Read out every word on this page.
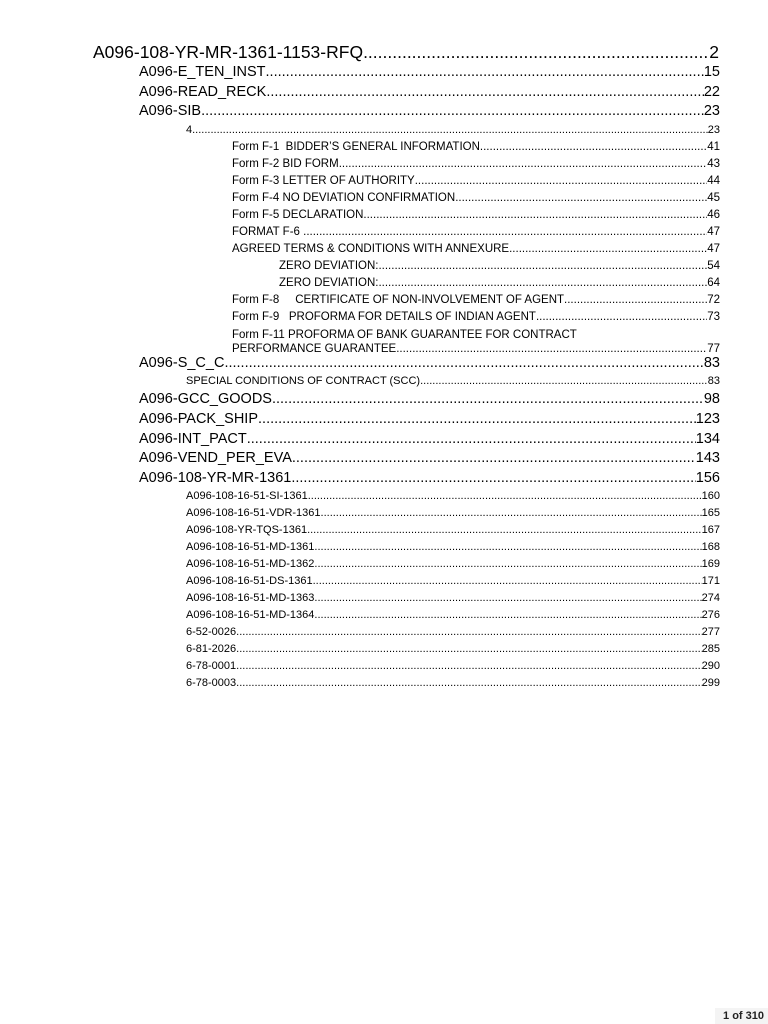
A096-108-YR-MR-1361-1153-RFQ .....	2
A096-E_TEN_INST .....	15
A096-READ_RECK .....	22
A096-SIB .....	23
4 .....	23
Form F-1  BIDDER’S GENERAL INFORMATION .....	41
Form F-2 BID FORM .....	43
Form F-3 LETTER OF AUTHORITY .....	44
Form F-4 NO DEVIATION CONFIRMATION .....	45
Form F-5 DECLARATION .....	46
FORMAT F-6 .....	47
AGREED TERMS & CONDITIONS WITH ANNEXURE .....	47
ZERO DEVIATION: .....	54
ZERO DEVIATION: .....	64
Form F-8     CERTIFICATE OF NON-INVOLVEMENT OF AGENT .....	72
Form F-9   PROFORMA FOR DETAILS OF INDIAN AGENT .....	73
Form F-11 PROFORMA OF BANK GUARANTEE FOR CONTRACT
PERFORMANCE GUARANTEE .....	77
A096-S_C_C .....	83
SPECIAL CONDITIONS OF CONTRACT (SCC) .....	83
A096-GCC_GOODS .....	98
A096-PACK_SHIP .....	123
A096-INT_PACT .....	134
A096-VEND_PER_EVA .....	143
A096-108-YR-MR-1361 .....	156
A096-108-16-51-SI-1361 .....	160
A096-108-16-51-VDR-1361 .....	165
A096-108-YR-TQS-1361 .....	167
A096-108-16-51-MD-1361 .....	168
A096-108-16-51-MD-1362 .....	169
A096-108-16-51-DS-1361 .....	171
A096-108-16-51-MD-1363 .....	274
A096-108-16-51-MD-1364 .....	276
6-52-0026 .....	277
6-81-2026 .....	285
6-78-0001 .....	290
6-78-0003 .....	299
1 of 310
